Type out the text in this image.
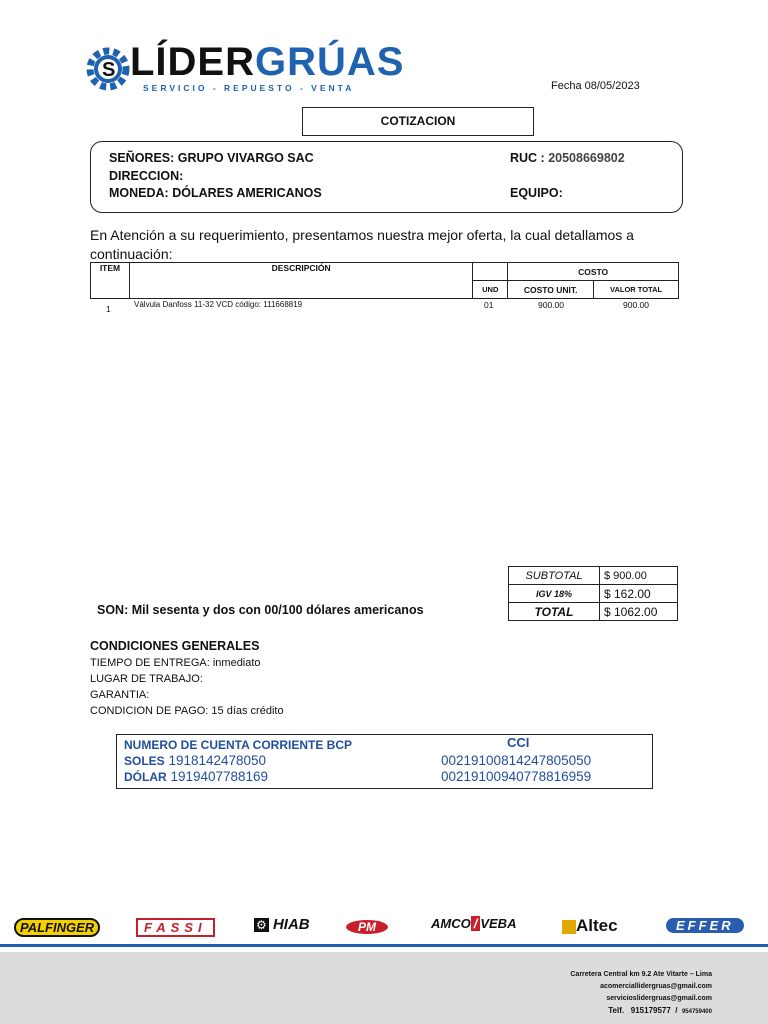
S LÍDERGRÚAS
SERVICIO - REPUESTO - VENTA	Fecha 08/05/2023
COTIZACION
SEÑORES: GRUPO VIVARGO SAC
DIRECCION:
MONEDA: DÓLARES AMERICANOS
RUC : 20508669802
EQUIPO:
En Atención a su requerimiento, presentamos nuestra mejor oferta, la cual detallamos a continuación:
ITEM	DESCRIPCIÓN		COSTO	
		UND	COSTO UNIT.	VALOR TOTAL
1	Válvula Danfoss 11-32 VCD código: 111668819	01	900.00	900.00
SUBTOTAL	$ 900.00
IGV 18%	$ 162.00
TOTAL	$ 1062.00
SON: Mil sesenta y dos con 00/100 dólares americanos
CONDICIONES GENERALES
TIEMPO DE ENTREGA: inmediato
LUGAR DE TRABAJO:
GARANTIA:
CONDICION DE PAGO: 15 días crédito
NUMERO DE CUENTA CORRIENTE BCP	CCI
SOLES 1918142478050	00219100814247805050
DÓLAR 1919407788169	00219100940778816959
PALFINGER	FASSI	⚙ HIAB	PM	AMCO / VEBA	Altec	EFFER
Carretera Central km 9.2 Ate Vitarte – Lima
acomerciallidergruas@gmail.com
servicioslidergruas@gmail.com
Telf. 915179577 / 954759400
